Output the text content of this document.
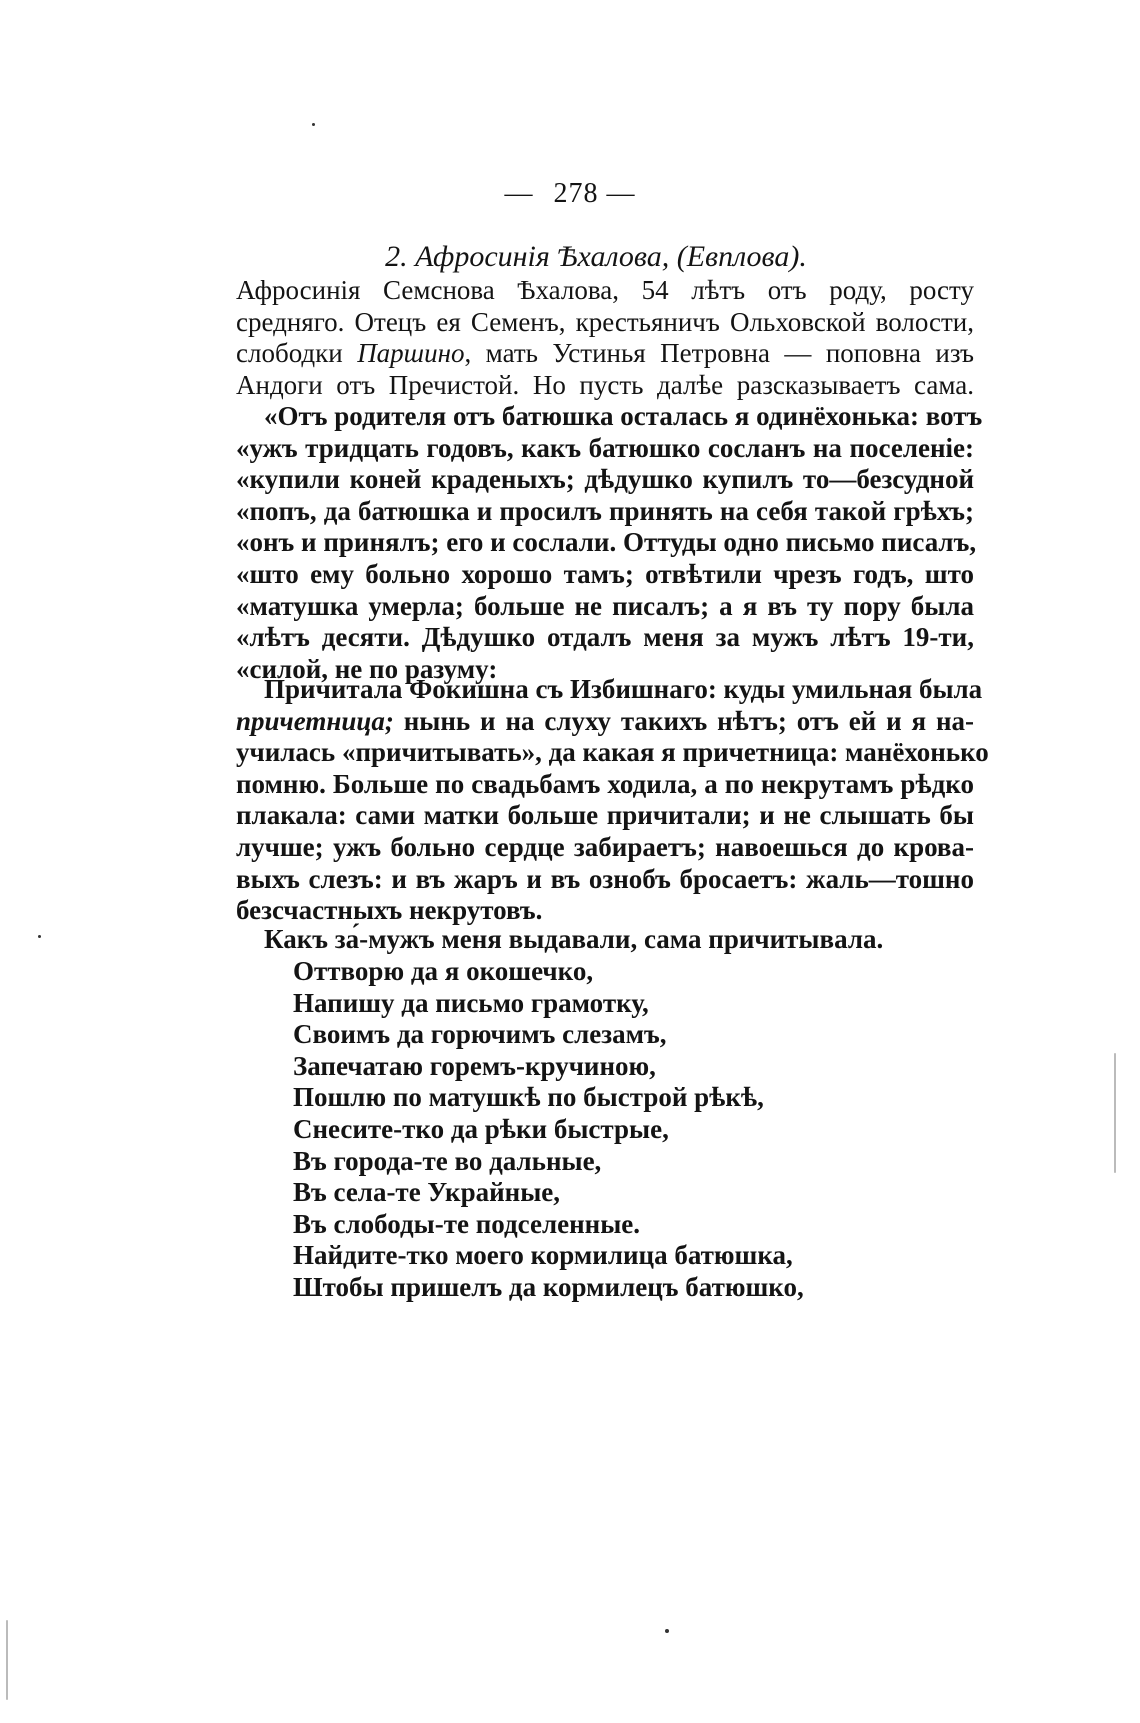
— 278 —
2. Афросинія Ѣхалова, (Евплова).
Афросинія Семснова Ѣхалова, 54 лѣтъ отъ роду, росту
средняго. Отецъ ея Семенъ, крестьяничъ Ольховской волости,
слободки Паршино, мать Устинья Петровна — поповна изъ
Андоги отъ Пречистой. Но пусть далѣе разсказываетъ сама.
«Отъ родителя отъ батюшка осталась я одинёхонька: вотъ
«ужъ тридцать годовъ, какъ батюшко сосланъ на поселеніе:
«купили коней краденыхъ; дѣдушко купилъ то—безсудной
«попъ, да батюшка и просилъ принять на себя такой грѣхъ;
«онъ и принялъ; его и сослали. Оттуды одно письмо писалъ,
«што ему больно хорошо тамъ; отвѣтили чрезъ годъ, што
«матушка умерла; больше не писалъ; а я въ ту пору была
«лѣтъ десяти. Дѣдушко отдалъ меня за мужъ лѣтъ 19-ти,
«силой, не по разуму:
Причитала Фокишна съ Избишнаго: куды умильная была
причетница; нынь и на слуху такихъ нѣтъ; отъ ей и я на-
училась «причитывать», да какая я причетница: манёхонько
помню. Больше по свадьбамъ ходила, а по некрутамъ рѣдко
плакала: сами матки больше причитали; и не слышать бы
лучше; ужъ больно сердце забираетъ; навоешься до крова-
выхъ слезъ: и въ жаръ и въ ознобъ бросаетъ: жаль—тошно
безсчастныхъ некрутовъ.
Какъ за́-мужъ меня выдавали, сама причитывала.
Оттворю да я окошечко,
Напишу да письмо грамотку,
Своимъ да горючимъ слезамъ,
Запечатаю горемъ-кручиною,
Пошлю по матушкѣ по быстрой рѣкѣ,
Снесите-тко да рѣки быстрые,
Въ города-те во дальные,
Въ села-те Украйные,
Въ слободы-те подселенные.
Найдите-тко моего кормилица батюшка,
Штобы пришелъ да кормилецъ батюшко,
